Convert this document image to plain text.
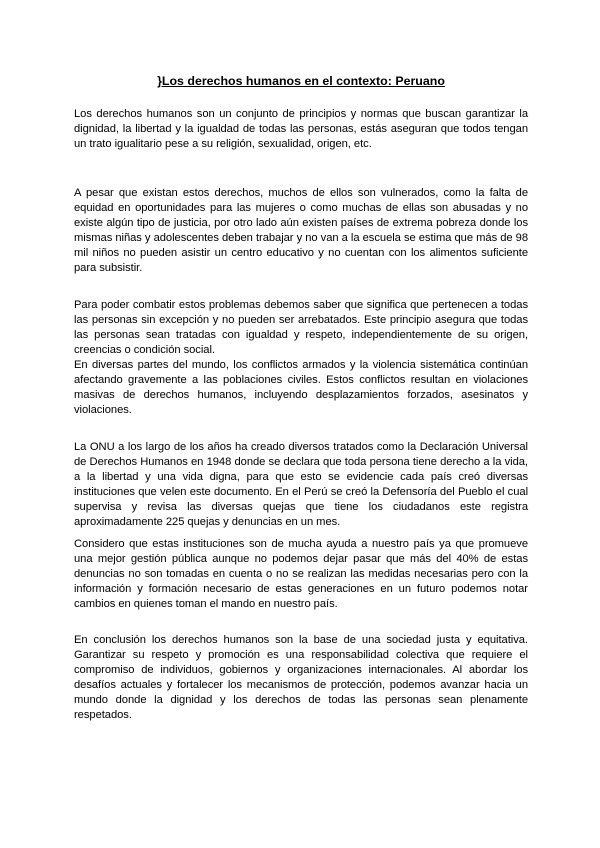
}Los derechos humanos en el contexto: Peruano

Los derechos humanos son un conjunto de principios y normas que buscan garantizar la dignidad, la libertad y la igualdad de todas las personas, estás aseguran que todos tengan un trato igualitario pese a su religión, sexualidad, origen, etc.

A pesar que existan estos derechos, muchos de ellos son vulnerados, como la falta de equidad en oportunidades para las mujeres o como muchas de ellas son abusadas y no existe algún tipo de justicia, por otro lado aún existen países de extrema pobreza donde los mismas niñas y adolescentes deben trabajar y no van a la escuela se estima que más de 98 mil niños no pueden asistir un centro educativo y no cuentan con los alimentos suficiente para subsistir.

Para poder combatir estos problemas debemos saber que significa que pertenecen a todas las personas sin excepción y no pueden ser arrebatados. Este principio asegura que todas las personas sean tratadas con igualdad y respeto, independientemente de su origen, creencias o condición social.

En diversas partes del mundo, los conflictos armados y la violencia sistemática continúan afectando gravemente a las poblaciones civiles. Estos conflictos resultan en violaciones masivas de derechos humanos, incluyendo desplazamientos forzados, asesinatos y violaciones.

La ONU a los largo de los años ha creado diversos tratados como la Declaración Universal de Derechos Humanos en 1948 donde se declara que toda persona tiene derecho a la vida, a la libertad y una vida digna, para que esto se evidencie cada país creó diversas instituciones que velen este documento. En el Perú se creó la Defensoría del Pueblo el cual supervisa y revisa las diversas quejas que tiene los ciudadanos este registra aproximadamente 225 quejas y denuncias en un mes.

Considero que estas instituciones son de mucha ayuda a nuestro país ya que promueve una mejor gestión pública aunque no podemos dejar pasar que más del 40% de estas denuncias no son tomadas en cuenta o no se realizan las medidas necesarias pero con la información y formación necesario de estas generaciones en un futuro podemos notar cambios en quienes toman el mando en nuestro país.

En conclusión los derechos humanos son la base de una sociedad justa y equitativa. Garantizar su respeto y promoción es una responsabilidad colectiva que requiere el compromiso de individuos, gobiernos y organizaciones internacionales. Al abordar los desafíos actuales y fortalecer los mecanismos de protección, podemos avanzar hacia un mundo donde la dignidad y los derechos de todas las personas sean plenamente respetados.
